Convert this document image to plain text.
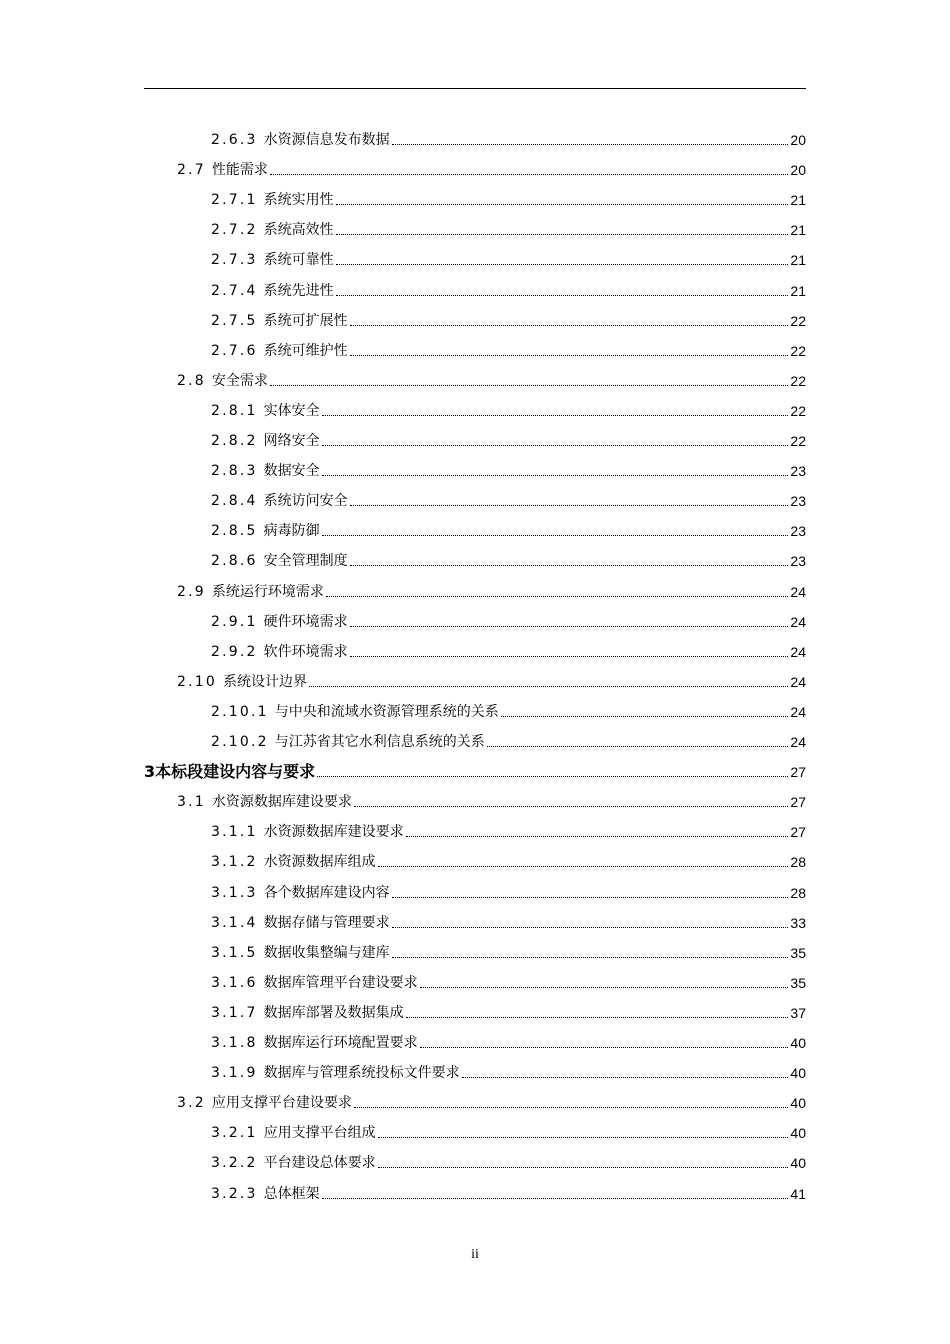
2.6.3 水资源信息发布数据	20
2.7 性能需求	20
2.7.1 系统实用性	21
2.7.2 系统高效性	21
2.7.3 系统可靠性	21
2.7.4 系统先进性	21
2.7.5 系统可扩展性	22
2.7.6 系统可维护性	22
2.8 安全需求	22
2.8.1 实体安全	22
2.8.2 网络安全	22
2.8.3 数据安全	23
2.8.4 系统访问安全	23
2.8.5 病毒防御	23
2.8.6 安全管理制度	23
2.9 系统运行环境需求	24
2.9.1 硬件环境需求	24
2.9.2 软件环境需求	24
2.10 系统设计边界	24
2.10.1 与中央和流域水资源管理系统的关系	24
2.10.2 与江苏省其它水利信息系统的关系	24
3 本标段建设内容与要求	27
3.1 水资源数据库建设要求	27
3.1.1 水资源数据库建设要求	27
3.1.2 水资源数据库组成	28
3.1.3 各个数据库建设内容	28
3.1.4 数据存储与管理要求	33
3.1.5 数据收集整编与建库	35
3.1.6 数据库管理平台建设要求	35
3.1.7 数据库部署及数据集成	37
3.1.8 数据库运行环境配置要求	40
3.1.9 数据库与管理系统投标文件要求	40
3.2 应用支撑平台建设要求	40
3.2.1 应用支撑平台组成	40
3.2.2 平台建设总体要求	40
3.2.3 总体框架	41
ii
